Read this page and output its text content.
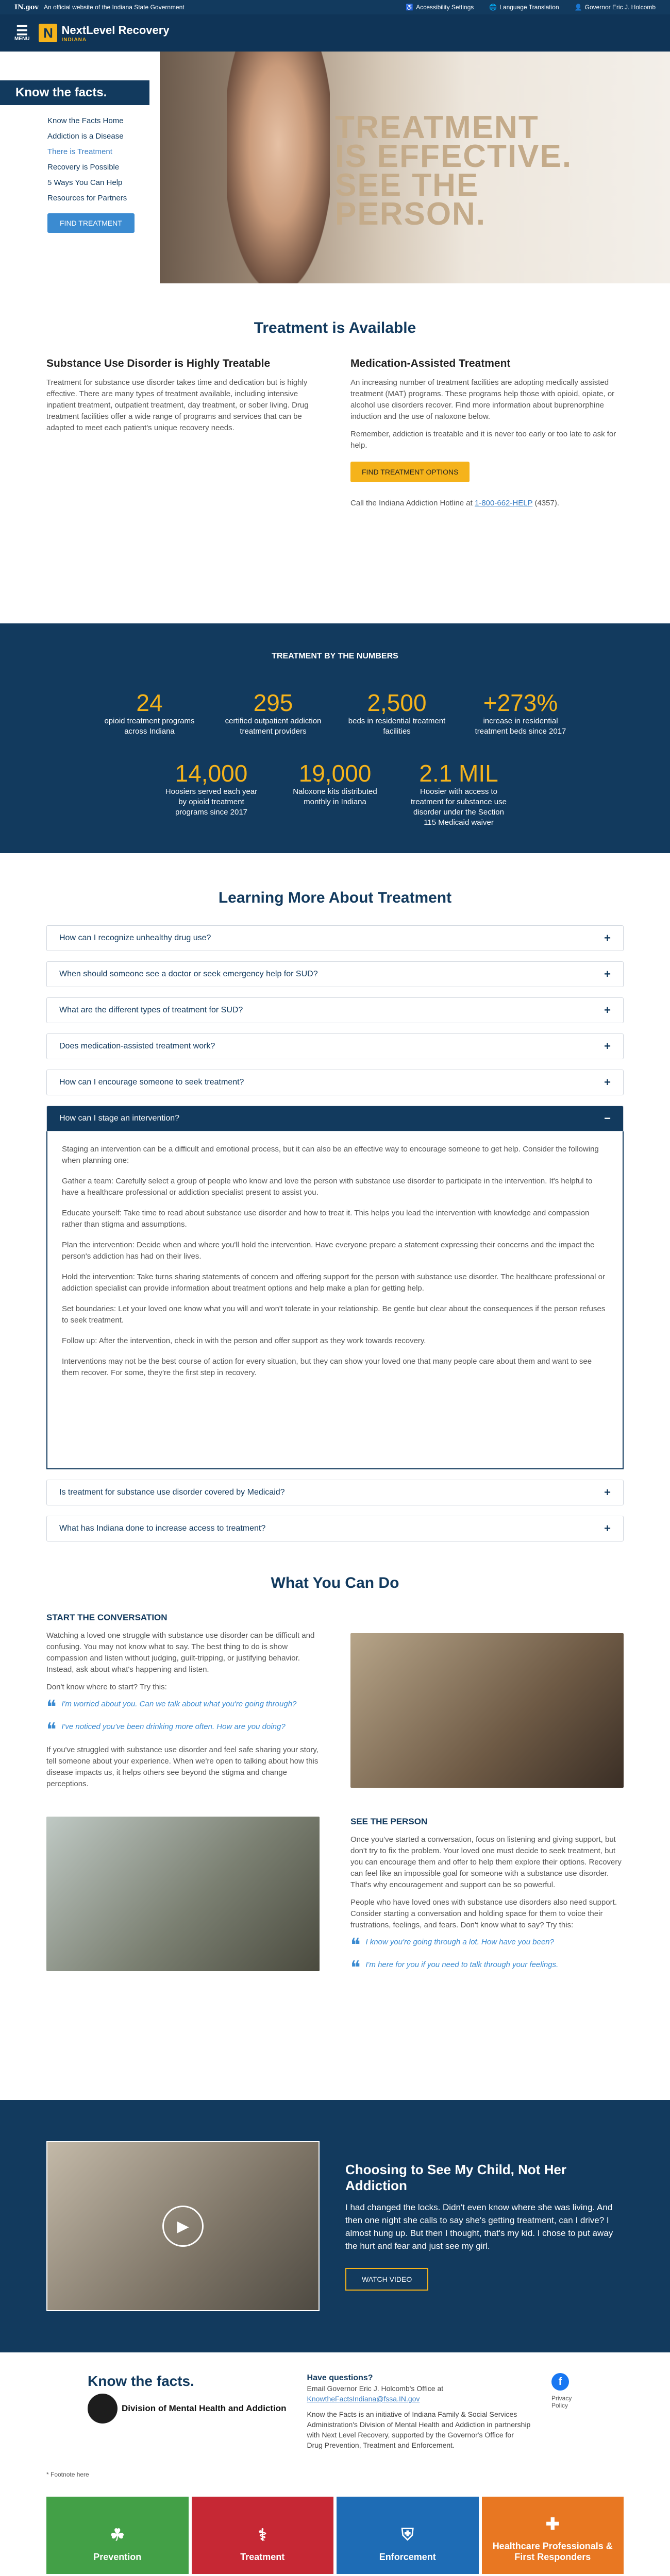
IN.gov An official website of the Indiana State Government	♿ Accessibility Settings	🌐 Language Translation	👤 Governor Eric J. Holcomb
☰
MENU	N NextLevel Recovery
INDIANA
Know the facts.
Know the Facts Home
Addiction is a Disease
There is Treatment
Recovery is Possible
5 Ways You Can Help
Resources for Partners
FIND TREATMENT
TREATMENT
IS EFFECTIVE.
SEE THE
PERSON.
Treatment is Available
Substance Use Disorder is Highly Treatable

Treatment for substance use disorder takes time and dedication but is highly effective. There are many types of treatment available, including intensive inpatient treatment, outpatient treatment, day treatment, or sober living. Drug treatment facilities offer a wide range of programs and services that can be adapted to meet each patient's unique recovery needs.

Medication-Assisted Treatment

An increasing number of treatment facilities are adopting medically assisted treatment (MAT) programs. These programs help those with opioid, opiate, or alcohol use disorders recover. Find more information about buprenorphine induction and the use of naloxone below.

Remember, addiction is treatable and it is never too early or too late to ask for help.

FIND TREATMENT OPTIONS

Call the Indiana Addiction Hotline at 1-800-662-HELP (4357).

TREATMENT BY THE NUMBERS
24
opioid treatment programs across Indiana
295
certified outpatient addiction treatment providers
2,500
beds in residential treatment facilities
+273%
increase in residential treatment beds since 2017
14,000
Hoosiers served each year by opioid treatment programs since 2017
19,000
Naloxone kits distributed monthly in Indiana
2.1 MIL
Hoosier with access to treatment for substance use disorder under the Section 115 Medicaid waiver
Learning More About Treatment
How can I recognize unhealthy drug use?	+
When should someone see a doctor or seek emergency help for SUD?	+
What are the different types of treatment for SUD?	+
Does medication-assisted treatment work?	+
How can I encourage someone to seek treatment?	+
How can I stage an intervention?	−

Staging an intervention can be a difficult and emotional process, but it can also be an effective way to encourage someone to get help. Consider the following when planning one:

Gather a team: Carefully select a group of people who know and love the person with substance use disorder to participate in the intervention. It's helpful to have a healthcare professional or addiction specialist present to assist you.

Educate yourself: Take time to read about substance use disorder and how to treat it. This helps you lead the intervention with knowledge and compassion rather than stigma and assumptions.

Plan the intervention: Decide when and where you'll hold the intervention. Have everyone prepare a statement expressing their concerns and the impact the person's addiction has had on their lives.

Hold the intervention: Take turns sharing statements of concern and offering support for the person with substance use disorder. The healthcare professional or addiction specialist can provide information about treatment options and help make a plan for getting help.

Set boundaries: Let your loved one know what you will and won't tolerate in your relationship. Be gentle but clear about the consequences if the person refuses to seek treatment.

Follow up: After the intervention, check in with the person and offer support as they work towards recovery.

Interventions may not be the best course of action for every situation, but they can show your loved one that many people care about them and want to see them recover. For some, they're the first step in recovery.

Is treatment for substance use disorder covered by Medicaid?	+
What has Indiana done to increase access to treatment?	+
What You Can Do
START THE CONVERSATION

Watching a loved one struggle with substance use disorder can be difficult and confusing. You may not know what to say. The best thing to do is show compassion and listen without judging, guilt-tripping, or justifying behavior. Instead, ask about what's happening and listen.

Don't know where to start? Try this:

❝ I'm worried about you. Can we talk about what you're going through?
❝ I've noticed you've been drinking more often. How are you doing?

If you've struggled with substance use disorder and feel safe sharing your story, tell someone about your experience. When we're open to talking about how this disease impacts us, it helps others see beyond the stigma and change perceptions.

SEE THE PERSON

Once you've started a conversation, focus on listening and giving support, but don't try to fix the problem. Your loved one must decide to seek treatment, but you can encourage them and offer to help them explore their options. Recovery can feel like an impossible goal for someone with a substance use disorder. That's why encouragement and support can be so powerful.

People who have loved ones with substance use disorders also need support. Consider starting a conversation and holding space for them to voice their frustrations, feelings, and fears. Don't know what to say? Try this:

❝ I know you're going through a lot. How have you been?
❝ I'm here for you if you need to talk through your feelings.
▶
Choosing to See My Child, Not Her Addiction

I had changed the locks. Didn't even know where she was living. And then one night she calls to say she's getting treatment, can I drive? I almost hung up. But then I thought, that's my kid. I chose to put away the hurt and fear and just see my girl.

WATCH VIDEO
Know the facts.
Division of Mental Health and Addiction
Have questions?
Email Governor Eric J. Holcomb's Office at KnowtheFactsIndiana@fssa.IN.gov

Know the Facts is an initiative of Indiana Family & Social Services Administration's Division of Mental Health and Addiction in partnership with Next Level Recovery, supported by the Governor's Office for Drug Prevention, Treatment and Enforcement.

f
Privacy Policy
* Footnote here
☘
Prevention
⚕
Treatment
⛨
Enforcement
✚
Healthcare Professionals & First Responders
